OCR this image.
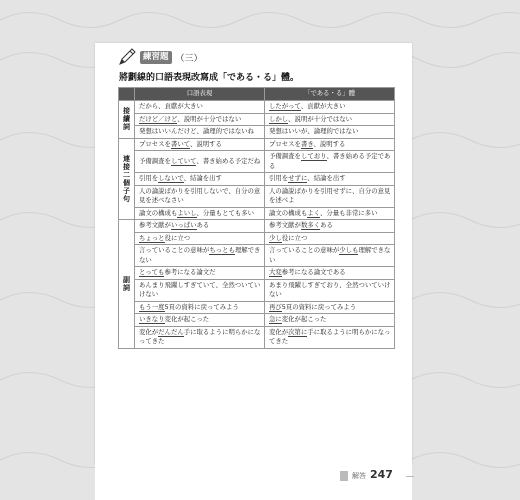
練習題 （三）
將劃線的口語表現改寫成「である・る」體。
	口語表現	「である・る」體
接續詞	だから、貢獻が大きい	したがって、貢獻が大きい
	だけど／けど、説明が十分ではない	しかし、説明が十分ではない
	発想はいいんだけど、論理的ではないね	発想はいいが、論理的ではない
連接二個子句	プロセスを書いて、説明する	プロセスを書き、説明する
	予備調査をしていて、書き始める予定だね	予備調査をしており、書き始める予定である
	引用をしないで、結論を出す	引用をせずに、結論を出す
	人の論説ばかりを引用しないで、自分の意見を述べなさい	人の論説ばかりを引用せずに、自分の意見を述べよ
	論文の構成もよいし、分量もとても多い	論文の構成もよく、分量も非常に多い
副詞	参考文献がいっぱいある	参考文献が数多くある
	ちょっと役に立つ	少し役に立つ
	言っていることの意味がちっとも理解できない	言っていることの意味が少しも理解できない
	とっても参考になる論文だ	大変参考になる論文である
	あんまり飛躍しすぎていて、全然ついていけない	あまり飛躍しすぎており、全然ついていけない
	もう一度5頁の資料に戻ってみよう	再び5頁の資料に戻ってみよう
	いきなり変化が起こった	急に変化が起こった
	変化がだんだん手に取るように明らかになってきた	変化が次第に手に取るように明らかになってきた
解答 247
